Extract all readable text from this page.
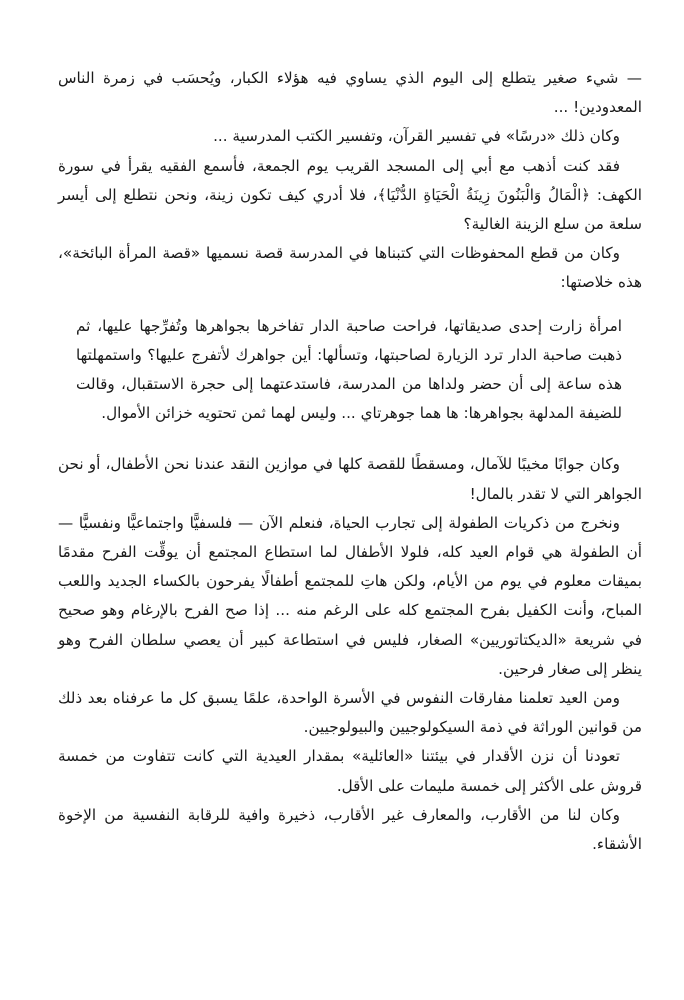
— شيء صغير يتطلع إلى اليوم الذي يساوي فيه هؤلاء الكبار، ويُحسَب في زمرة الناس المعدودين! ...

وكان ذلك «درسًا» في تفسير القرآن، وتفسير الكتب المدرسية ...

فقد كنت أذهب مع أبي إلى المسجد القريب يوم الجمعة، فأسمع الفقيه يقرأ في سورة الكهف: ﴿الْمَالُ وَالْبَنُونَ زِينَةُ الْحَيَاةِ الدُّنْيَا﴾، فلا أدري كيف تكون زينة، ونحن نتطلع إلى أيسر سلعة من سلع الزينة الغالية؟

وكان من قطع المحفوظات التي كتبناها في المدرسة قصة نسميها «قصة المرأة البائخة»، هذه خلاصتها:

امرأة زارت إحدى صديقاتها، فراحت صاحبة الدار تفاخرها بجواهرها وتُفرِّجها عليها، ثم ذهبت صاحبة الدار ترد الزيارة لصاحبتها، وتسألها: أين جواهرك لأتفرج عليها؟ واستمهلتها هذه ساعة إلى أن حضر ولداها من المدرسة، فاستدعتهما إلى حجرة الاستقبال، وقالت للضيفة المدلهة بجواهرها: ها هما جوهرتاي ... وليس لهما ثمن تحتويه خزائن الأموال.

وكان جوابًا مخيبًا للآمال، ومسقطًا للقصة كلها في موازين النقد عندنا نحن الأطفال، أو نحن الجواهر التي لا تقدر بالمال!

ونخرج من ذكريات الطفولة إلى تجارب الحياة، فنعلم الآن — فلسفيًّا واجتماعيًّا ونفسيًّا — أن الطفولة هي قوام العيد كله، فلولا الأطفال لما استطاع المجتمع أن يوقِّت الفرح مقدمًا بميقات معلوم في يوم من الأيام، ولكن هاتِ للمجتمع أطفالًا يفرحون بالكساء الجديد واللعب المباح، وأنت الكفيل بفرح المجتمع كله على الرغم منه ... إذا صح الفرح بالإرغام وهو صحيح في شريعة «الديكتاتوريين» الصغار، فليس في استطاعة كبير أن يعصي سلطان الفرح وهو ينظر إلى صغار فرحين.

ومن العيد تعلمنا مفارقات النفوس في الأسرة الواحدة، علمًا يسبق كل ما عرفناه بعد ذلك من قوانين الوراثة في ذمة السيكولوجيين والبيولوجيين.

تعودنا أن نزن الأقدار في بيئتنا «العائلية» بمقدار العيدية التي كانت تتفاوت من خمسة قروش على الأكثر إلى خمسة مليمات على الأقل.

وكان لنا من الأقارب، والمعارف غير الأقارب، ذخيرة وافية للرقابة النفسية من الإخوة الأشقاء.
